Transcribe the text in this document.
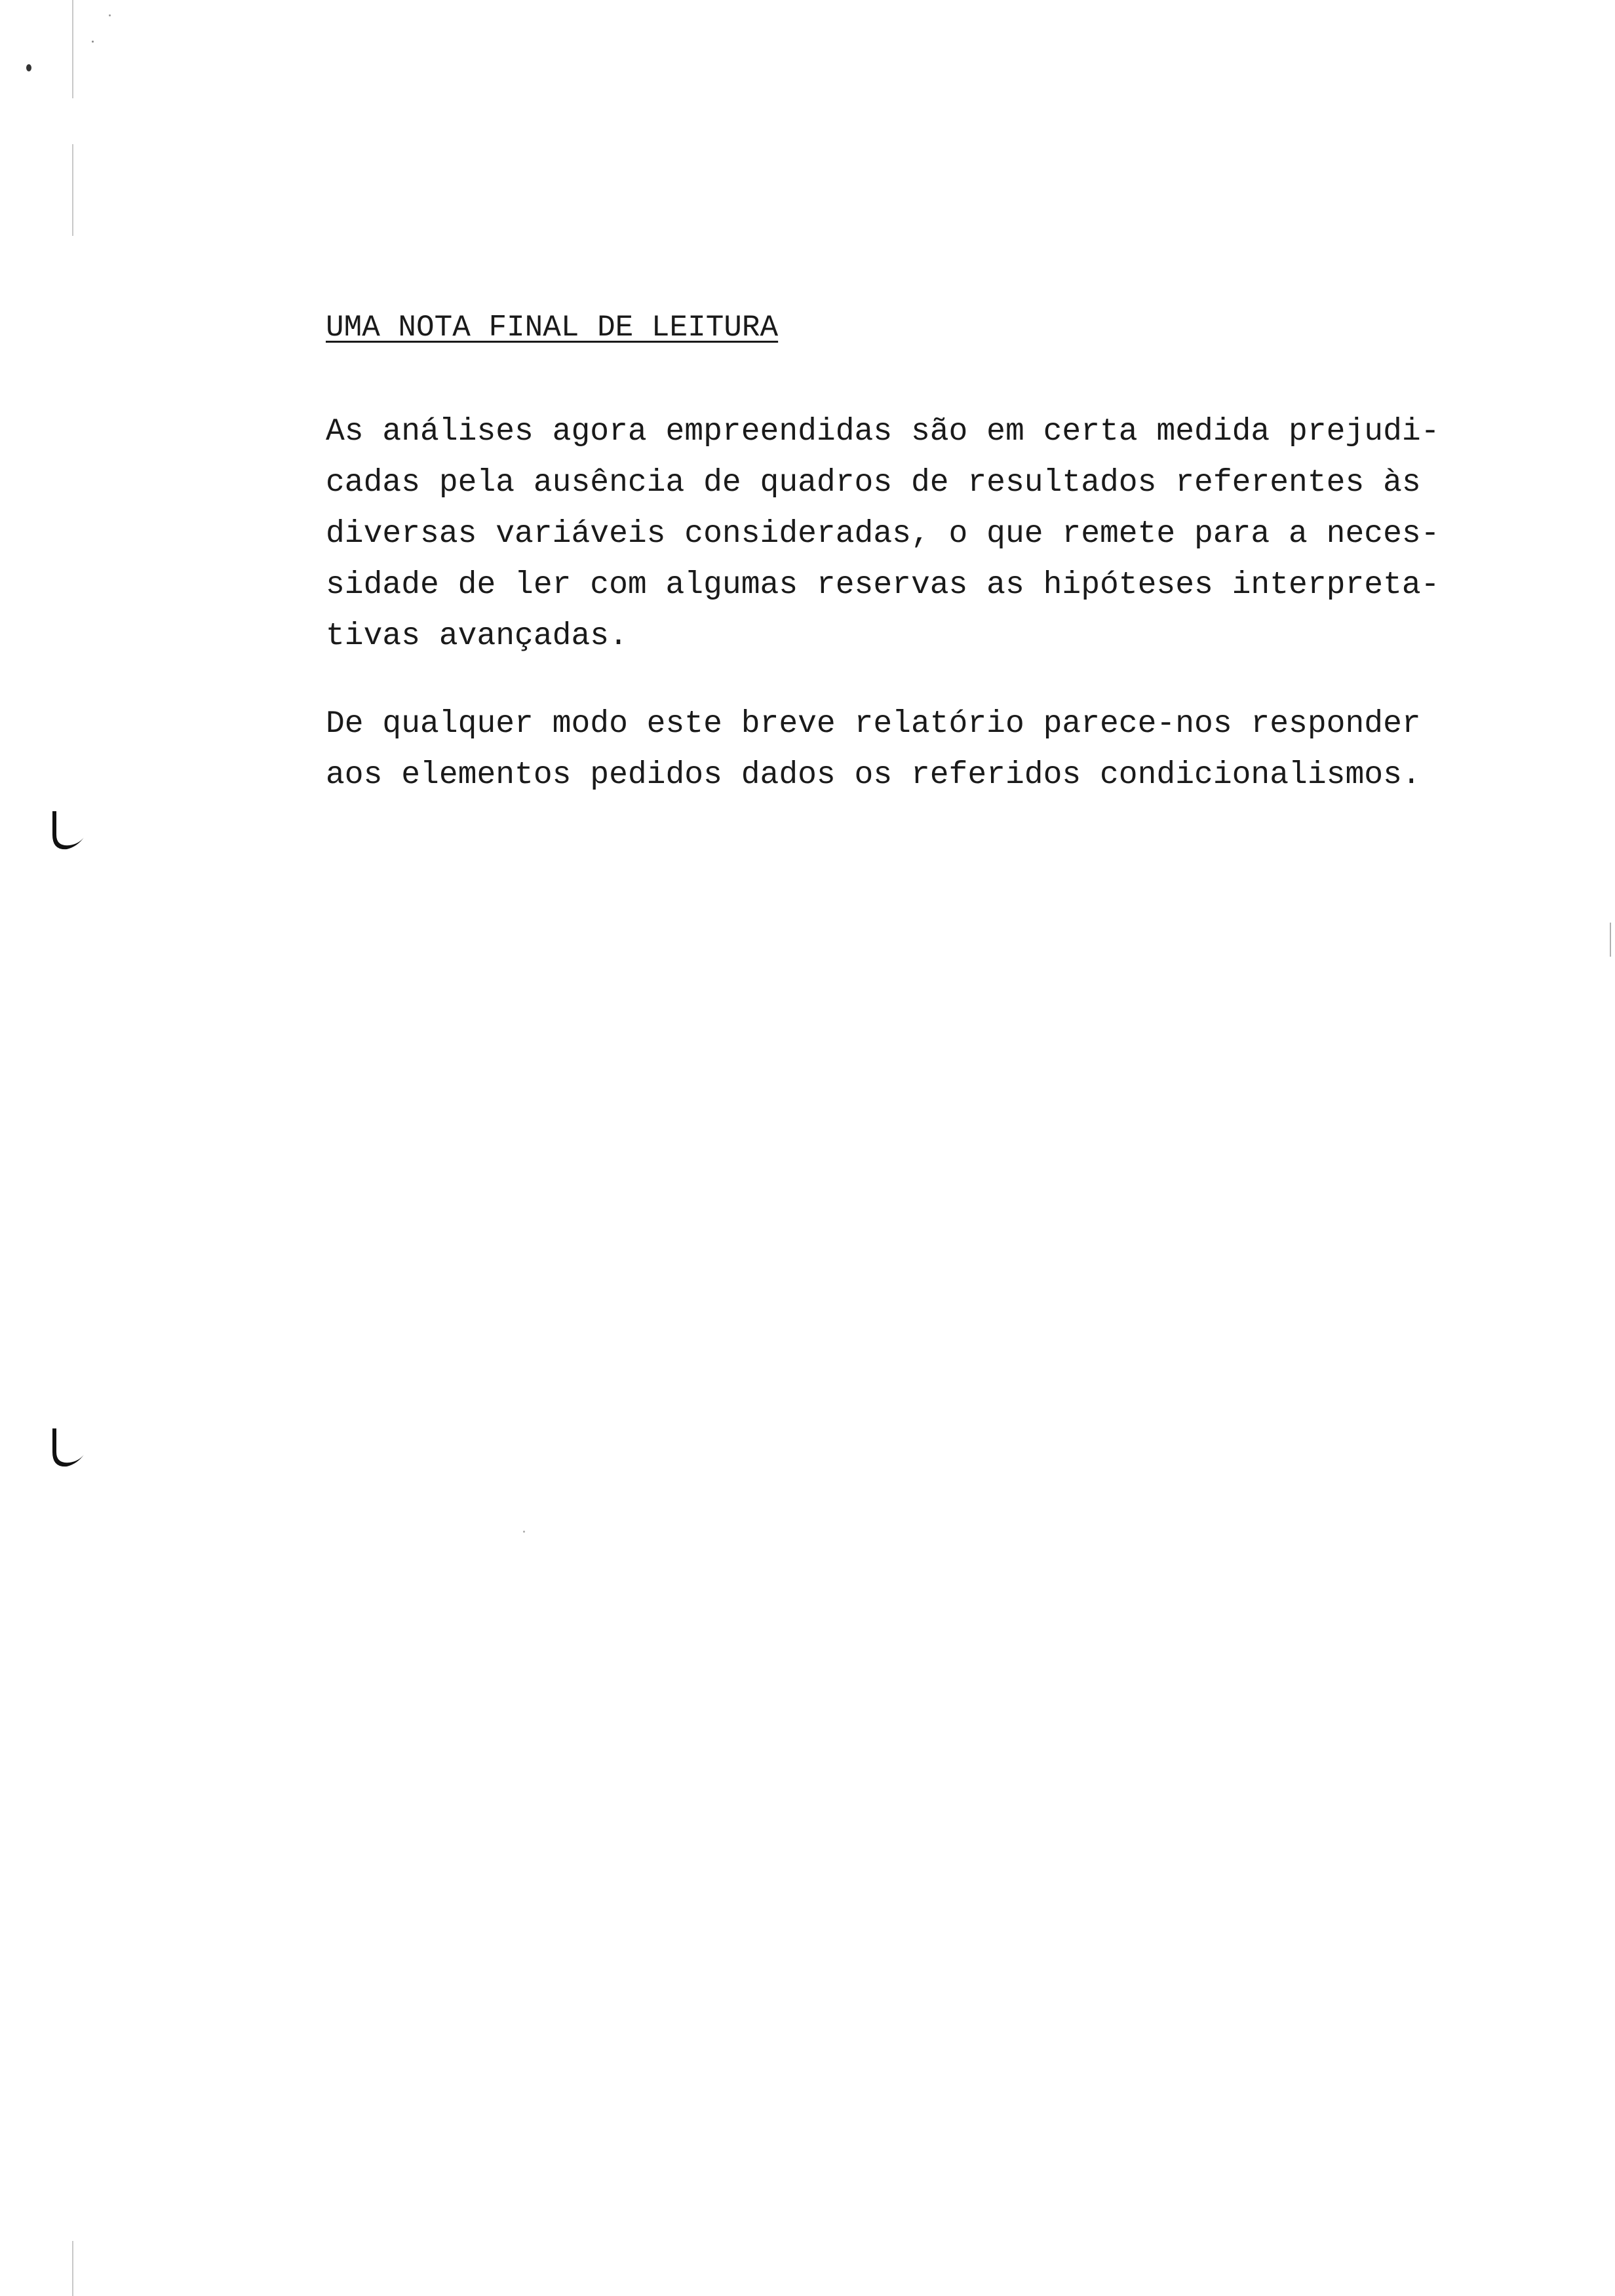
UMA NOTA FINAL DE LEITURA
As análises agora empreendidas são em certa medida prejudi-
cadas pela ausência de quadros de resultados referentes às
diversas variáveis consideradas, o que remete para a neces-
sidade de ler com algumas reservas as hipóteses interpreta-
tivas avançadas.
De qualquer modo este breve relatório parece-nos responder
aos elementos pedidos dados os referidos condicionalismos.
